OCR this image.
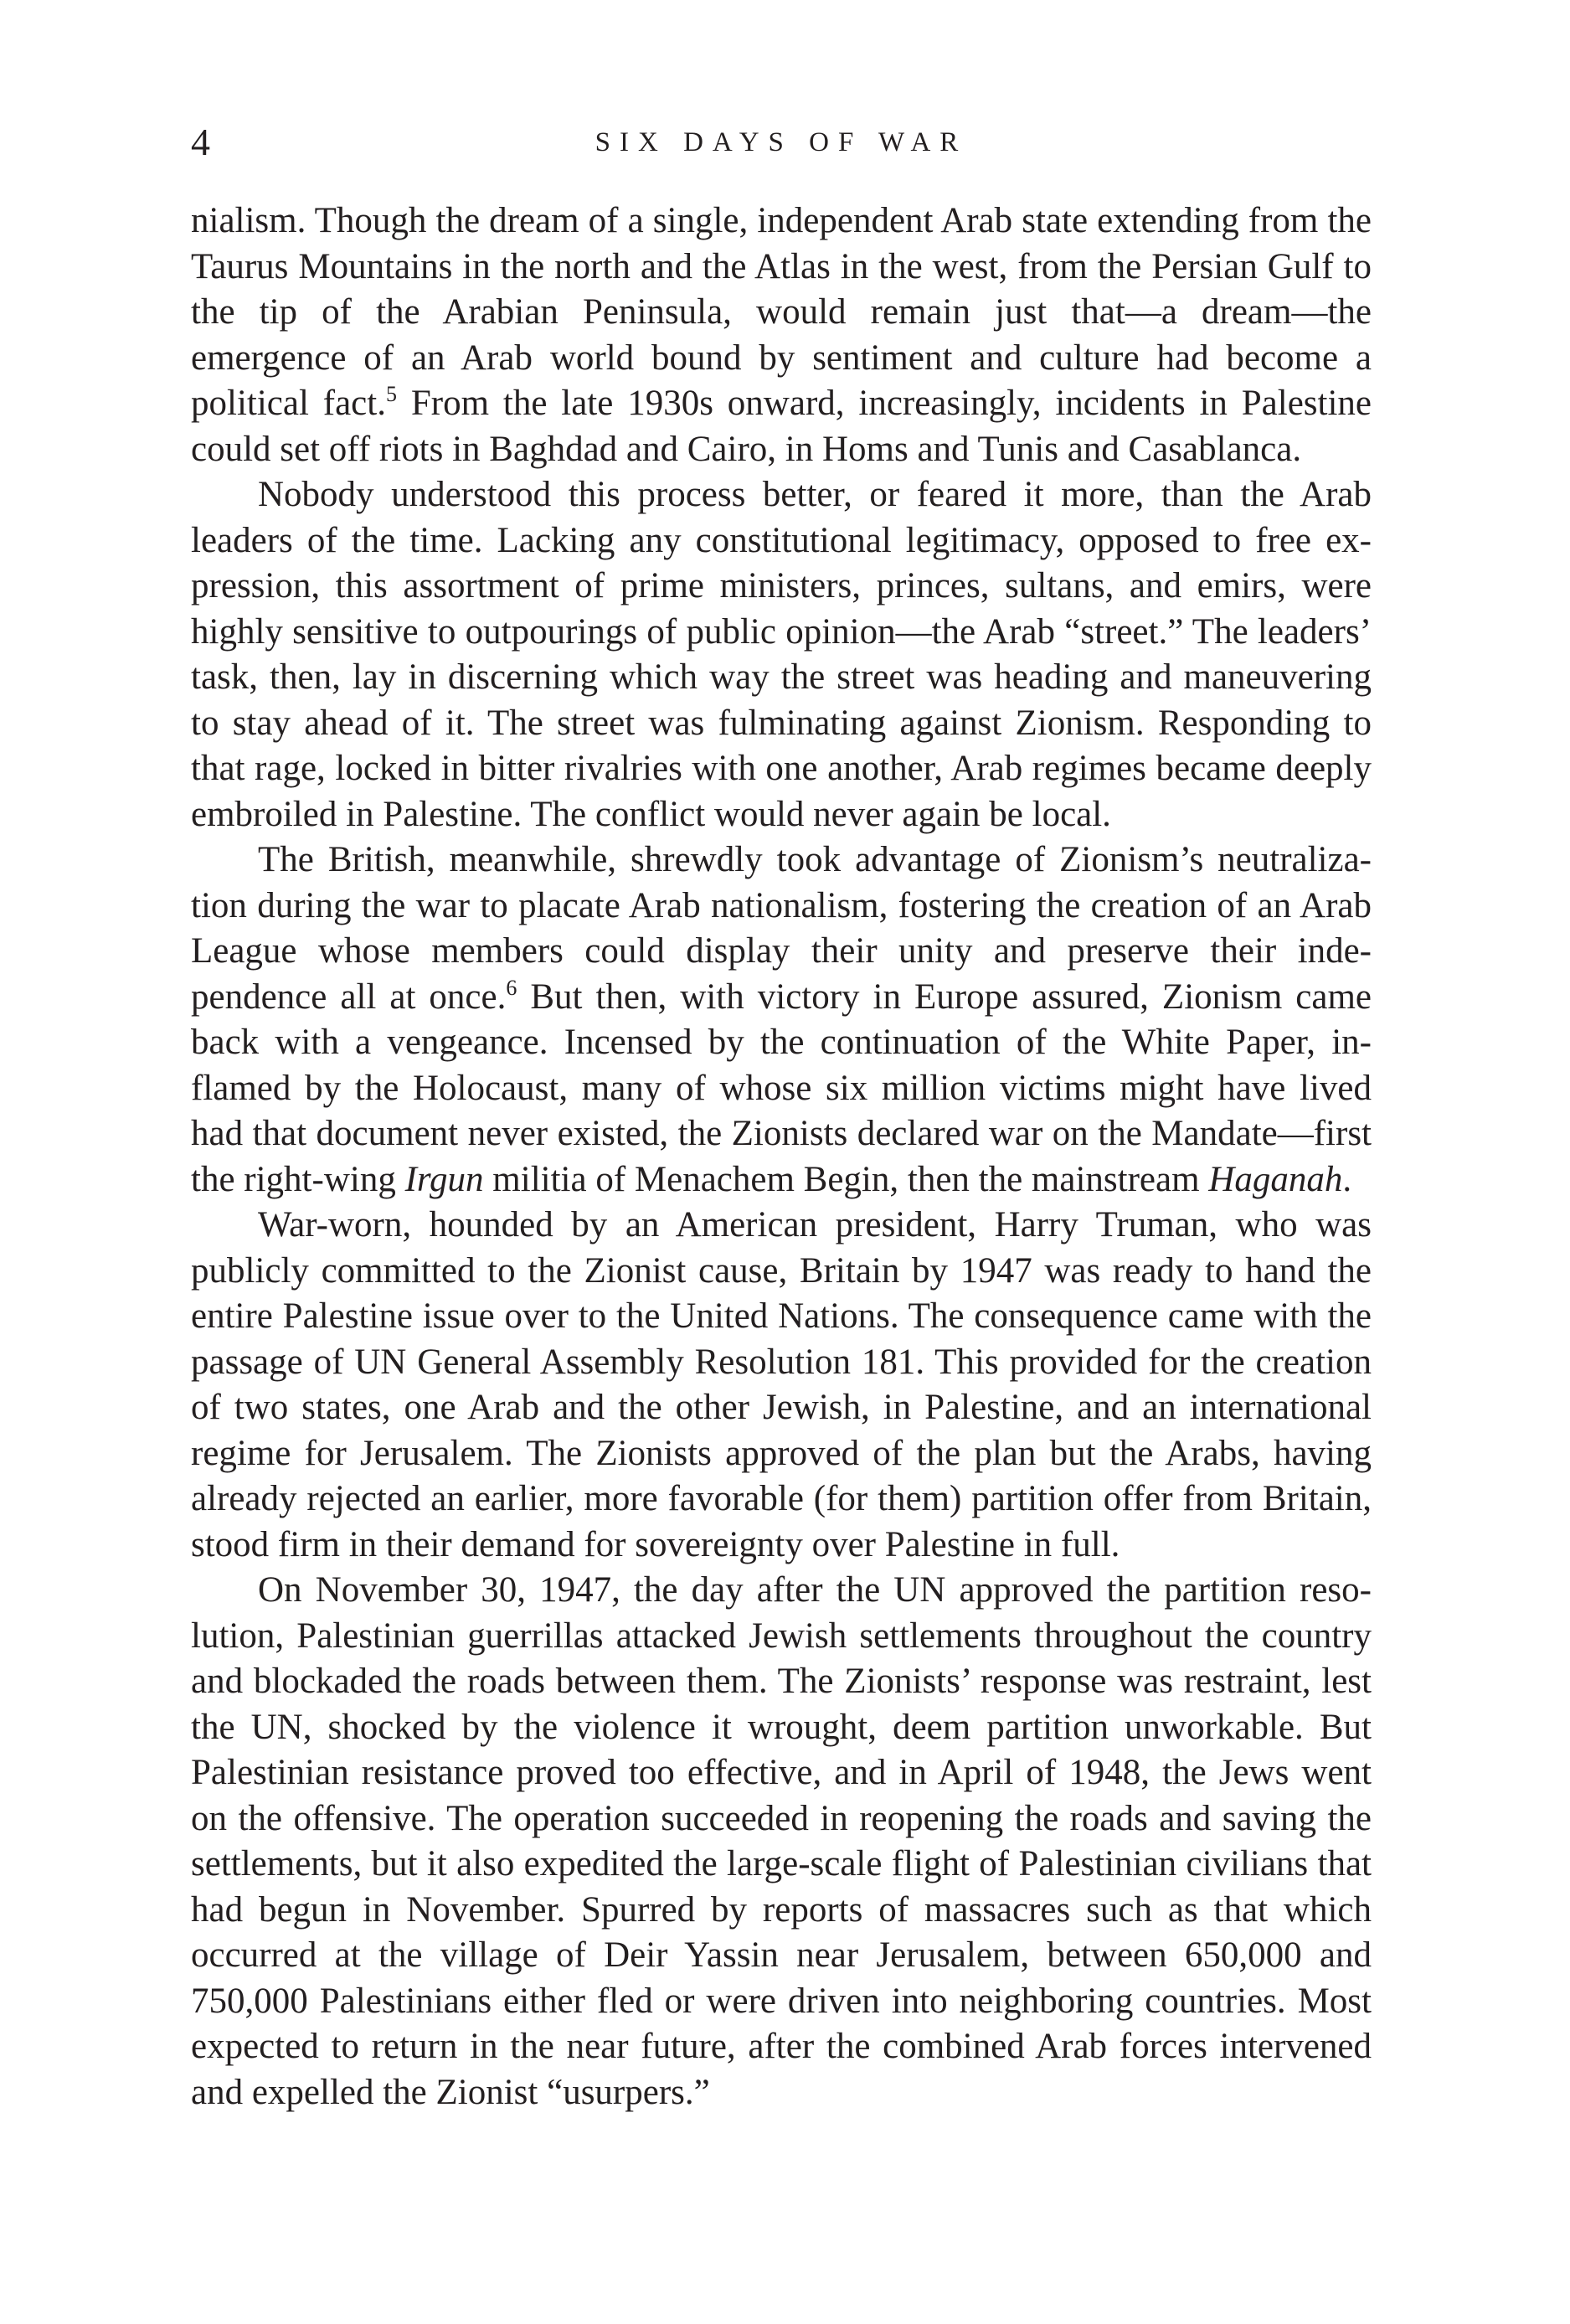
4	SIX DAYS OF WAR

nialism. Though the dream of a single, independent Arab state extending from the Taurus Mountains in the north and the Atlas in the west, from the Persian Gulf to the tip of the Arabian Peninsula, would remain just that—a dream—the emergence of an Arab world bound by sentiment and culture had become a political fact.$^5$ From the late 1930s onward, increasingly, incidents in Palestine could set off riots in Baghdad and Cairo, in Homs and Tunis and Casablanca.

Nobody understood this process better, or feared it more, than the Arab leaders of the time. Lacking any constitutional legitimacy, opposed to free expression, this assortment of prime ministers, princes, sultans, and emirs, were highly sensitive to outpourings of public opinion—the Arab “street.” The leaders’ task, then, lay in discerning which way the street was heading and maneuvering to stay ahead of it. The street was fulminating against Zionism. Responding to that rage, locked in bitter rivalries with one another, Arab regimes became deeply embroiled in Palestine. The conflict would never again be local.

The British, meanwhile, shrewdly took advantage of Zionism’s neutralization during the war to placate Arab nationalism, fostering the creation of an Arab League whose members could display their unity and preserve their independence all at once.$^6$ But then, with victory in Europe assured, Zionism came back with a vengeance. Incensed by the continuation of the White Paper, inflamed by the Holocaust, many of whose six million victims might have lived had that document never existed, the Zionists declared war on the Mandate—first the right-wing Irgun militia of Menachem Begin, then the mainstream Haganah.

War-worn, hounded by an American president, Harry Truman, who was publicly committed to the Zionist cause, Britain by 1947 was ready to hand the entire Palestine issue over to the United Nations. The consequence came with the passage of UN General Assembly Resolution 181. This provided for the creation of two states, one Arab and the other Jewish, in Palestine, and an international regime for Jerusalem. The Zionists approved of the plan but the Arabs, having already rejected an earlier, more favorable (for them) partition offer from Britain, stood firm in their demand for sovereignty over Palestine in full.

On November 30, 1947, the day after the UN approved the partition resolution, Palestinian guerrillas attacked Jewish settlements throughout the country and blockaded the roads between them. The Zionists’ response was restraint, lest the UN, shocked by the violence it wrought, deem partition unworkable. But Palestinian resistance proved too effective, and in April of 1948, the Jews went on the offensive. The operation succeeded in reopening the roads and saving the settlements, but it also expedited the large-scale flight of Palestinian civilians that had begun in November. Spurred by reports of massacres such as that which occurred at the village of Deir Yassin near Jerusalem, between 650,000 and 750,000 Palestinians either fled or were driven into neighboring countries. Most expected to return in the near future, after the combined Arab forces intervened and expelled the Zionist “usurpers.”
